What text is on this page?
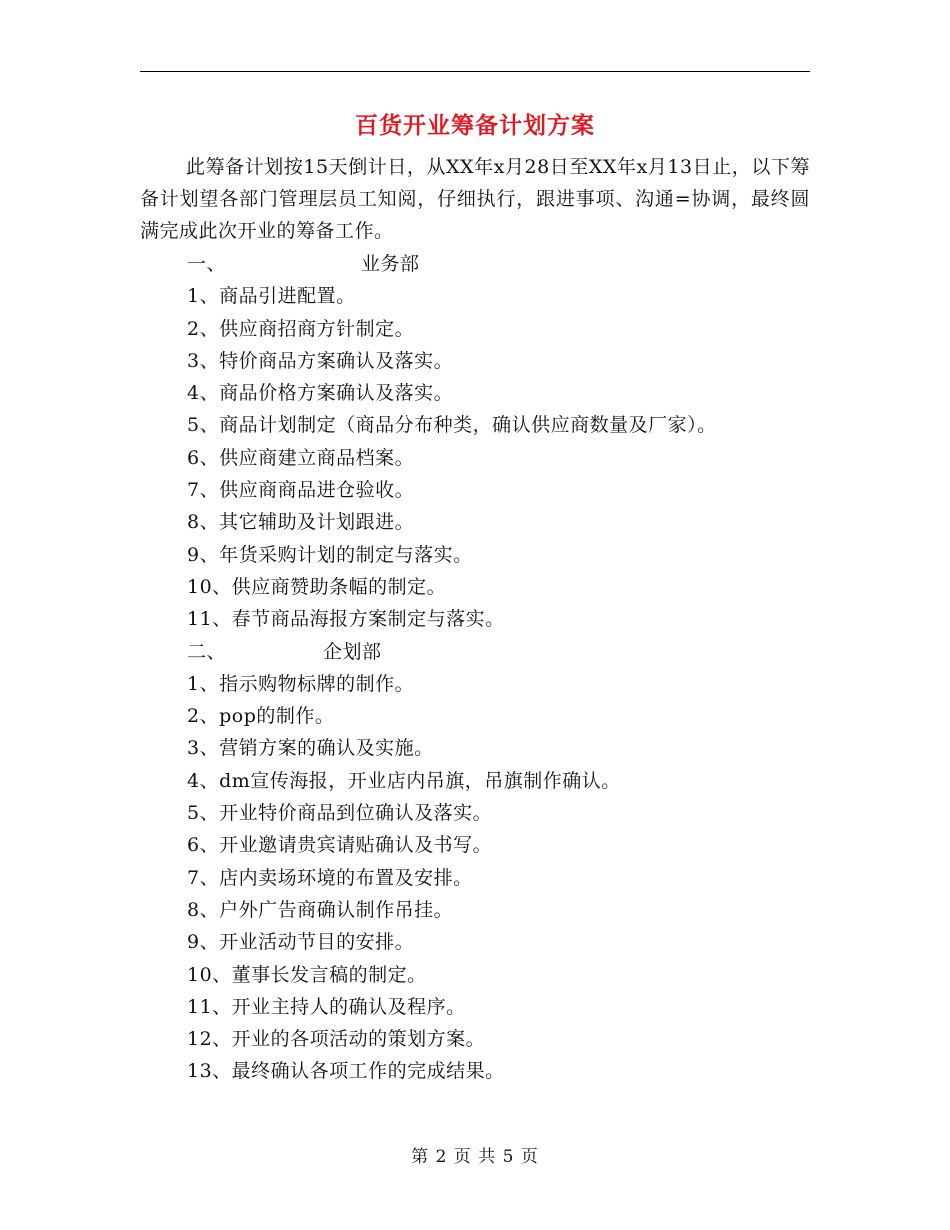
百货开业筹备计划方案
此筹备计划按15天倒计日，从XX年x月28日至XX年x月13日止，以下筹备计划望各部门管理层员工知阅，仔细执行，跟进事项、沟通=协调，最终圆满完成此次开业的筹备工作。
一、	业务部
1、商品引进配置。
2、供应商招商方针制定。
3、特价商品方案确认及落实。
4、商品价格方案确认及落实。
5、商品计划制定（商品分布种类，确认供应商数量及厂家）。
6、供应商建立商品档案。
7、供应商商品进仓验收。
8、其它辅助及计划跟进。
9、年货采购计划的制定与落实。
10、供应商赞助条幅的制定。
11、春节商品海报方案制定与落实。
二、	企划部
1、指示购物标牌的制作。
2、pop的制作。
3、营销方案的确认及实施。
4、dm宣传海报，开业店内吊旗，吊旗制作确认。
5、开业特价商品到位确认及落实。
6、开业邀请贵宾请贴确认及书写。
7、店内卖场环境的布置及安排。
8、户外广告商确认制作吊挂。
9、开业活动节目的安排。
10、董事长发言稿的制定。
11、开业主持人的确认及程序。
12、开业的各项活动的策划方案。
13、最终确认各项工作的完成结果。
第 2 页 共 5 页
